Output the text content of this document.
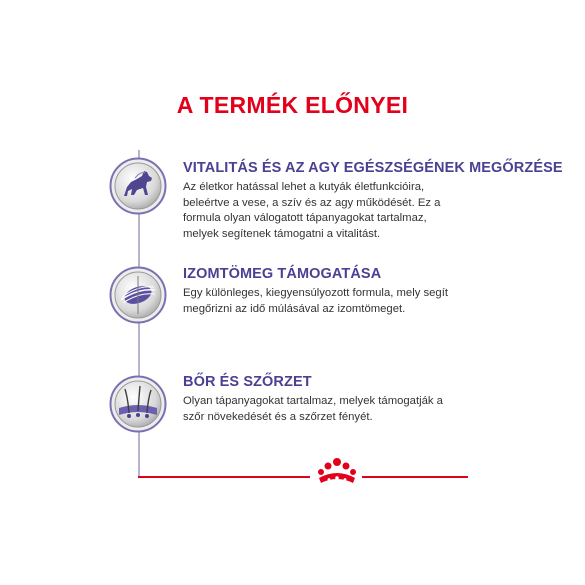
A TERMÉK ELŐNYEI
VITALITÁS ÉS AZ AGY EGÉSZSÉGÉNEK MEGŐRZÉSE
Az életkor hatással lehet a kutyák életfunkcióira,
beleértve a vese, a szív és az agy működését. Ez a
formula olyan válogatott tápanyagokat tartalmaz,
melyek segítenek támogatni a vitalitást.
IZOMTÖMEG TÁMOGATÁSA
Egy különleges, kiegyensúlyozott formula, mely segít
megőrizni az idő múlásával az izomtömeget.
BŐR ÉS SZŐRZET
Olyan tápanyagokat tartalmaz, melyek támogatják a
szőr növekedését és a szőrzet fényét.
